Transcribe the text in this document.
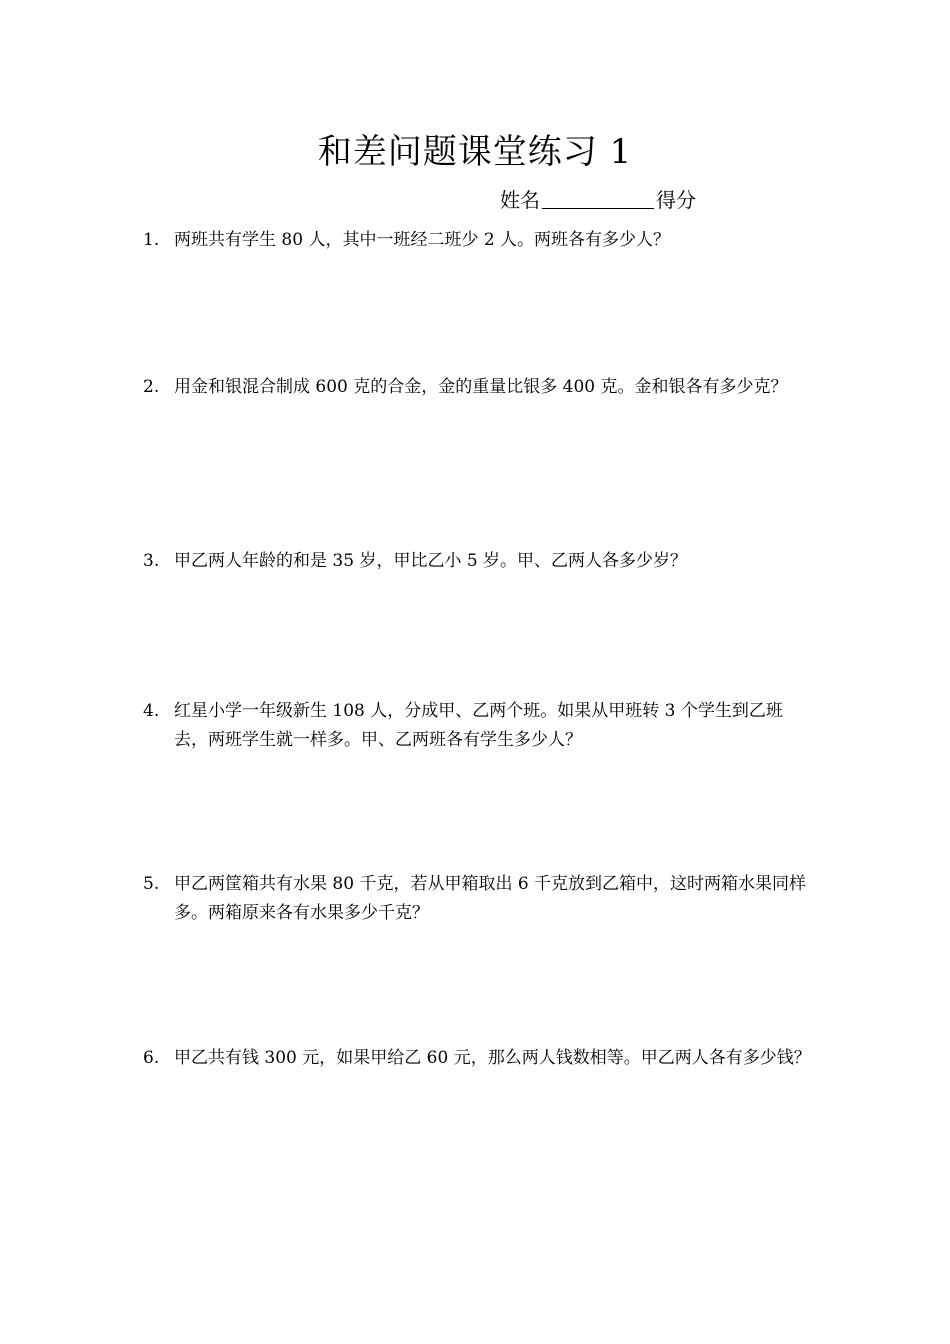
和差问题课堂练习 1
姓名	得分
1. 两班共有学生 80 人，其中一班经二班少 2 人。两班各有多少人？
2. 用金和银混合制成 600 克的合金，金的重量比银多 400 克。金和银各有多少克？
3. 甲乙两人年龄的和是 35 岁，甲比乙小 5 岁。甲、乙两人各多少岁？
4. 红星小学一年级新生 108 人，分成甲、乙两个班。如果从甲班转 3 个学生到乙班去，两班学生就一样多。甲、乙两班各有学生多少人？
5. 甲乙两筐箱共有水果 80 千克，若从甲箱取出 6 千克放到乙箱中，这时两箱水果同样多。两箱原来各有水果多少千克？
6. 甲乙共有钱 300 元，如果甲给乙 60 元，那么两人钱数相等。甲乙两人各有多少钱？
